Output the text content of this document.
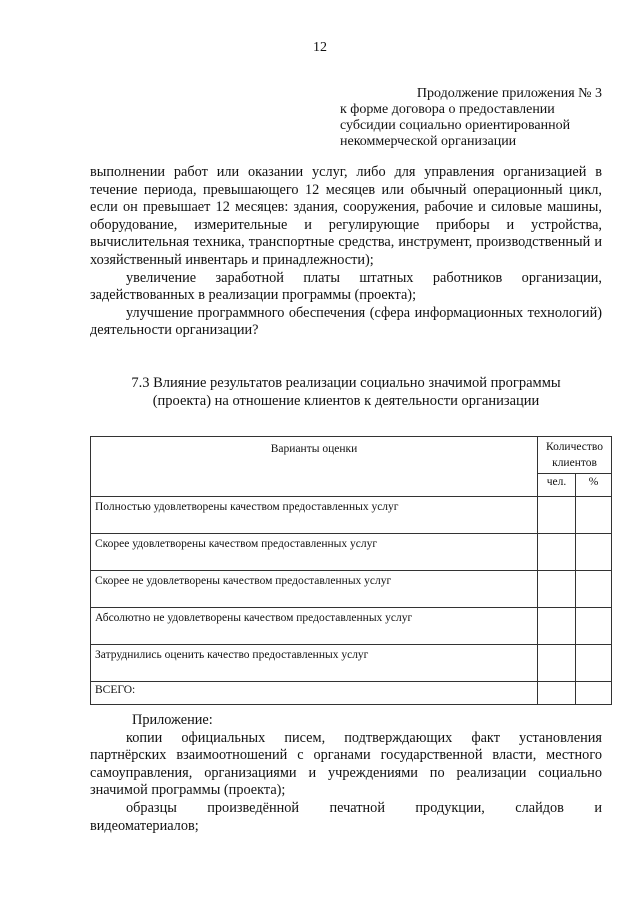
12
Продолжение приложения № 3
к форме договора о предоставлении
субсидии социально ориентированной
некоммерческой организации

выполнении работ или оказании услуг, либо для управления организацией в течение периода, превышающего 12 месяцев или обычный операционный цикл, если он превышает 12 месяцев: здания, сооружения, рабочие и силовые машины, оборудование, измерительные и регулирующие приборы и устройства, вычислительная техника, транспортные средства, инструмент, производственный и хозяйственный инвентарь и принадлежности);

увеличение заработной платы штатных работников организации, задействованных в реализации программы (проекта);

улучшение программного обеспечения (сфера информационных технологий) деятельности организации?

7.3 Влияние результатов реализации социально значимой программы
(проекта) на отношение клиентов к деятельности организации
Варианты оценки	Количество клиентов	
	чел.	%
Полностью удовлетворены качеством предоставленных услуг		
Скорее удовлетворены качеством предоставленных услуг		
Скорее не удовлетворены качеством предоставленных услуг		
Абсолютно не удовлетворены качеством предоставленных услуг		
Затруднились оценить качество предоставленных услуг		
ВСЕГО:		

Приложение:

копии официальных писем, подтверждающих факт установления партнёрских взаимоотношений с органами государственной власти, местного самоуправления, организациями и учреждениями по реализации социально значимой программы (проекта);

образцы произведённой печатной продукции, слайдов и

видеоматериалов;
